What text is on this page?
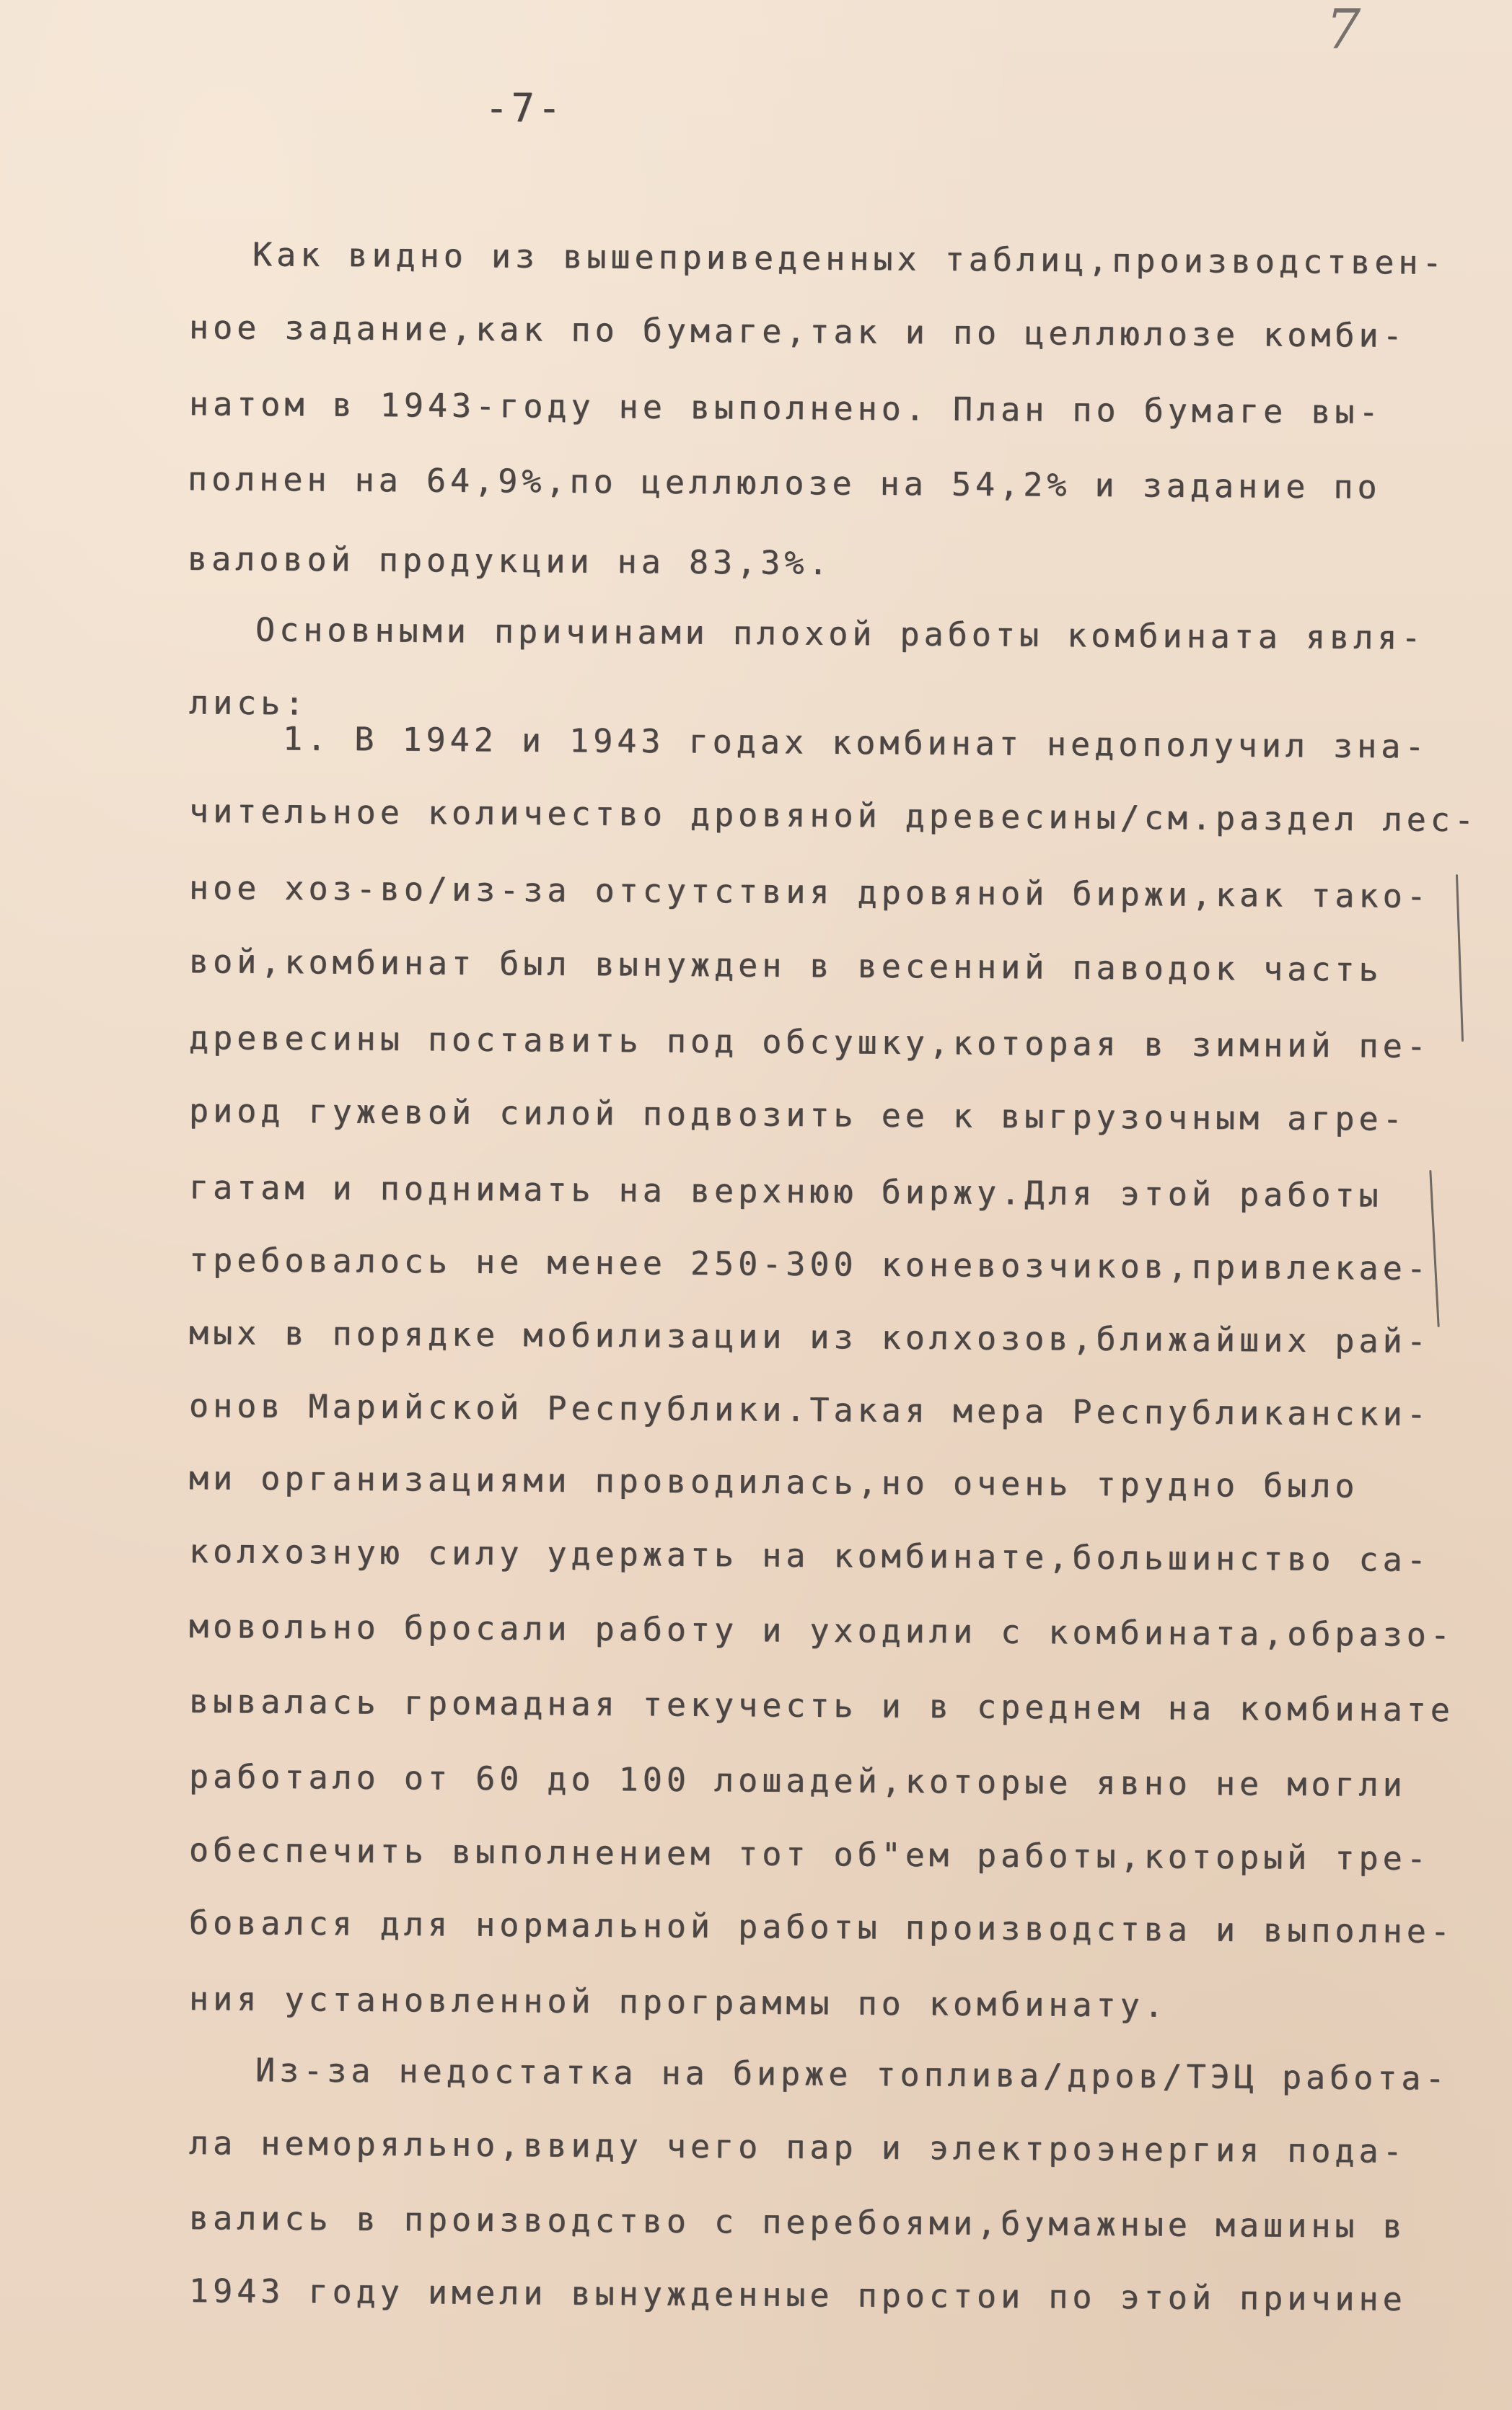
7
-7-
Как видно из вышеприведенных таблиц,производствен-
ное задание,как по бумаге,так и по целлюлозе комби-
натом в 1943-году не выполнено. План по бумаге вы-
полнен на 64,9%,по целлюлозе на 54,2% и задание по
валовой продукции на 83,3%.
Основными причинами плохой работы комбината явля-
лись:
1. В 1942 и 1943 годах комбинат недополучил зна-
чительное количество дровяной древесины/см.раздел лес-
ное хоз-во/из-за отсутствия дровяной биржи,как тако-
вой,комбинат был вынужден в весенний паводок часть
древесины поставить под обсушку,которая в зимний пе-
риод гужевой силой подвозить ее к выгрузочным агре-
гатам и поднимать на верхнюю биржу.Для этой работы
требовалось не менее 250-300 коневозчиков,привлекае-
мых в порядке мобилизации из колхозов,ближайших рай-
онов Марийской Республики.Такая мера Республикански-
ми организациями проводилась,но очень трудно было
колхозную силу удержать на комбинате,большинство са-
мовольно бросали работу и уходили с комбината,образо-
вывалась громадная текучесть и в среднем на комбинате
работало от 60 до 100 лошадей,которые явно не могли
обеспечить выполнением тот об"ем работы,который тре-
бовался для нормальной работы производства и выполне-
ния установленной программы по комбинату.
Из-за недостатка на бирже топлива/дров/ТЭЦ работа-
ла неморяльно,ввиду чего пар и электроэнергия пода-
вались в производство с перебоями,бумажные машины в
1943 году имели вынужденные простои по этой причине
